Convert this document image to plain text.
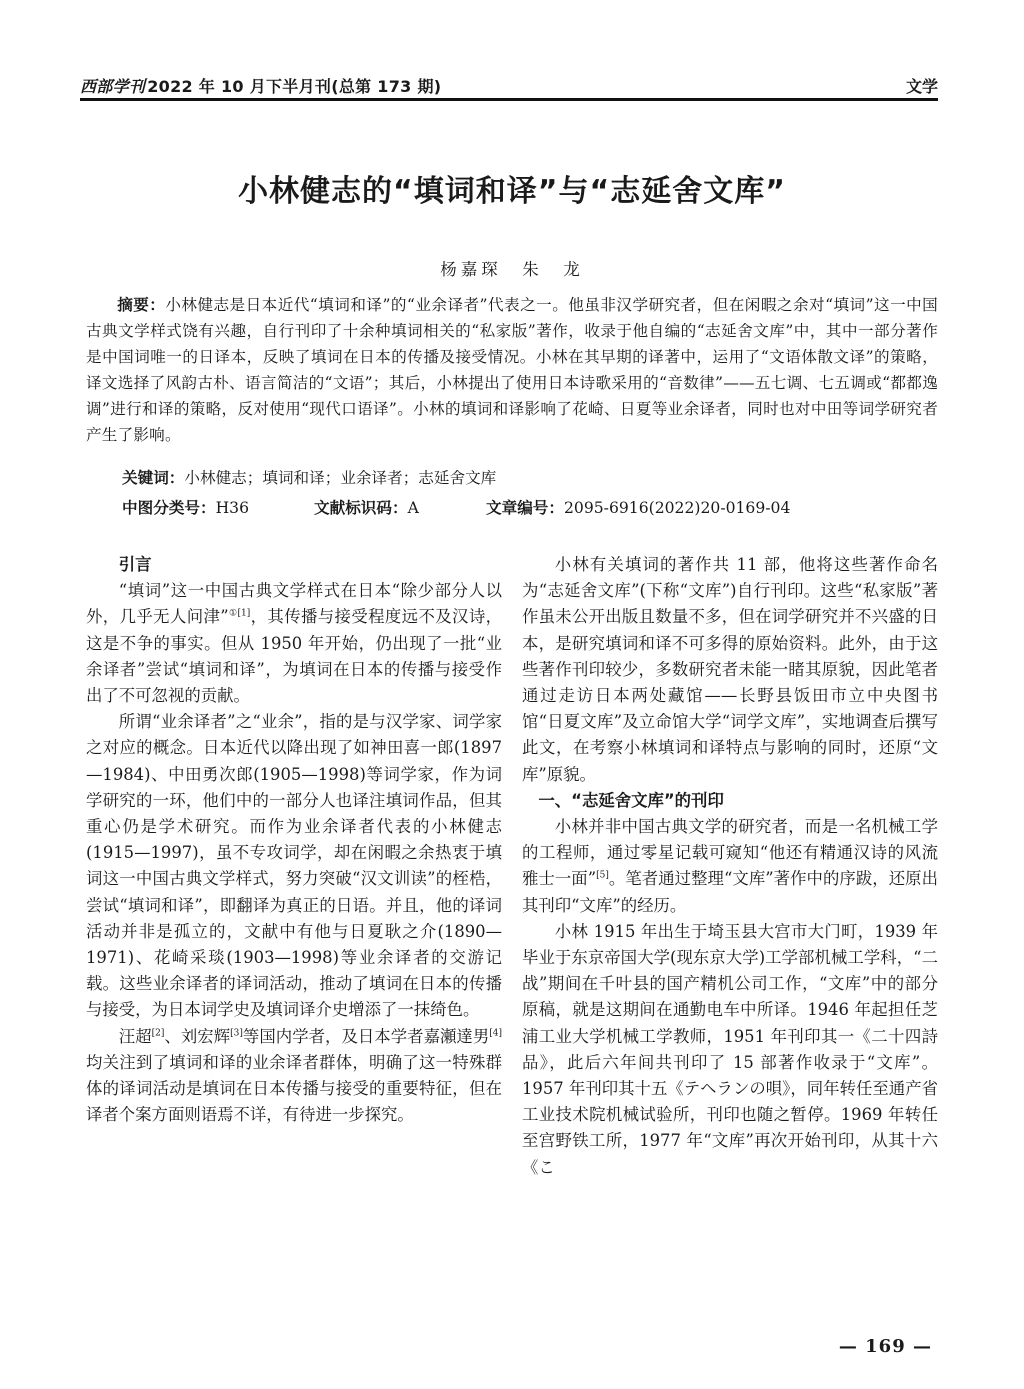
西部学刊 2022 年 10 月下半月刊(总第 173 期)	文学
小林健志的“填词和译”与“志延舍文库”
杨嘉琛　朱　龙
摘要：小林健志是日本近代“填词和译”的“业余译者”代表之一。他虽非汉学研究者，但在闲暇之余对“填词”这一中国古典文学样式饶有兴趣，自行刊印了十余种填词相关的“私家版”著作，收录于他自编的“志延舍文库”中，其中一部分著作是中国词唯一的日译本，反映了填词在日本的传播及接受情况。小林在其早期的译著中，运用了“文语体散文译”的策略，译文选择了风韵古朴、语言简洁的“文语”；其后，小林提出了使用日本诗歌采用的“音数律”——五七调、七五调或“都都逸调”进行和译的策略，反对使用“现代口语译”。小林的填词和译影响了花崎、日夏等业余译者，同时也对中田等词学研究者产生了影响。
关键词：小林健志；填词和译；业余译者；志延舍文库
中图分类号：H36	文献标识码：A	文章编号：2095-6916(2022)20-0169-04

引言

“填词”这一中国古典文学样式在日本“除少部分人以外，几乎无人问津”$^{①[1]}$，其传播与接受程度远不及汉诗，这是不争的事实。但从 1950 年开始，仍出现了一批“业余译者”尝试“填词和译”，为填词在日本的传播与接受作出了不可忽视的贡献。

所谓“业余译者”之“业余”，指的是与汉学家、词学家之对应的概念。日本近代以降出现了如神田喜一郎(1897—1984)、中田勇次郎(1905—1998)等词学家，作为词学研究的一环，他们中的一部分人也译注填词作品，但其重心仍是学术研究。而作为业余译者代表的小林健志(1915—1997)，虽不专攻词学，却在闲暇之余热衷于填词这一中国古典文学样式，努力突破“汉文训读”的桎梏，尝试“填词和译”，即翻译为真正的日语。并且，他的译词活动并非是孤立的，文献中有他与日夏耿之介(1890—1971)、花崎采琰(1903—1998)等业余译者的交游记载。这些业余译者的译词活动，推动了填词在日本的传播与接受，为日本词学史及填词译介史增添了一抹绮色。

汪超[2]、刘宏辉[3]等国内学者，及日本学者嘉瀬達男[4]均关注到了填词和译的业余译者群体，明确了这一特殊群体的译词活动是填词在日本传播与接受的重要特征，但在译者个案方面则语焉不详，有待进一步探究。

小林有关填词的著作共 11 部，他将这些著作命名为“志延舍文库”(下称“文库”)自行刊印。这些“私家版”著作虽未公开出版且数量不多，但在词学研究并不兴盛的日本，是研究填词和译不可多得的原始资料。此外，由于这些著作刊印较少，多数研究者未能一睹其原貌，因此笔者通过走访日本两处藏馆——长野县饭田市立中央图书馆“日夏文库”及立命馆大学“词学文库”，实地调查后撰写此文，在考察小林填词和译特点与影响的同时，还原“文库”原貌。

一、“志延舍文库”的刊印

小林并非中国古典文学的研究者，而是一名机械工学的工程师，通过零星记载可窥知“他还有精通汉诗的风流雅士一面”[5]。笔者通过整理“文库”著作中的序跋，还原出其刊印“文库”的经历。

小林 1915 年出生于埼玉县大宫市大门町，1939 年毕业于东京帝国大学(现东京大学)工学部机械工学科，“二战”期间在千叶县的国产精机公司工作，“文库”中的部分原稿，就是这期间在通勤电车中所译。1946 年起担任芝浦工业大学机械工学教师，1951 年刊印其一《二十四詩品》，此后六年间共刊印了 15 部著作收录于“文库”。1957 年刊印其十五《テヘランの唄》，同年转任至通产省工业技术院机械试验所，刊印也随之暂停。1969 年转任至宫野铁工所，1977 年“文库”再次开始刊印，从其十六《こ

— 169 —
